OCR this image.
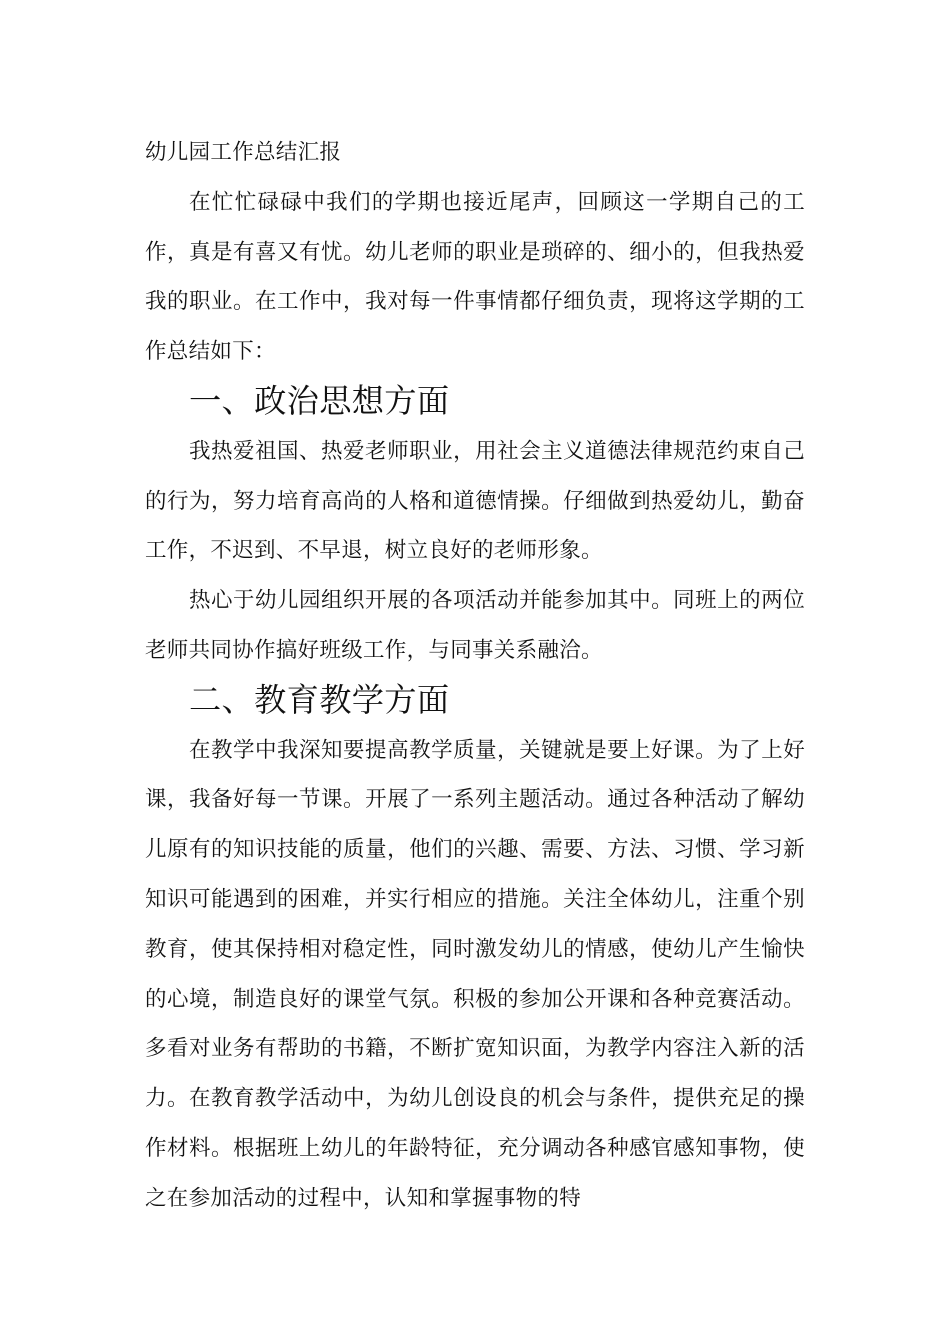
幼儿园工作总结汇报

在忙忙碌碌中我们的学期也接近尾声，回顾这一学期自己的工作，真是有喜又有忧。幼儿老师的职业是琐碎的、细小的，但我热爱我的职业。在工作中，我对每一件事情都仔细负责，现将这学期的工作总结如下：

一、政治思想方面

我热爱祖国、热爱老师职业，用社会主义道德法律规范约束自己的行为，努力培育高尚的人格和道德情操。仔细做到热爱幼儿，勤奋工作，不迟到、不早退，树立良好的老师形象。

热心于幼儿园组织开展的各项活动并能参加其中。同班上的两位老师共同协作搞好班级工作，与同事关系融洽。

二、教育教学方面

在教学中我深知要提高教学质量，关键就是要上好课。为了上好课，我备好每一节课。开展了一系列主题活动。通过各种活动了解幼儿原有的知识技能的质量，他们的兴趣、需要、方法、习惯、学习新知识可能遇到的困难，并实行相应的措施。关注全体幼儿，注重个别教育，使其保持相对稳定性，同时激发幼儿的情感，使幼儿产生愉快的心境，制造良好的课堂气氛。积极的参加公开课和各种竞赛活动。多看对业务有帮助的书籍，不断扩宽知识面，为教学内容注入新的活力。在教育教学活动中，为幼儿创设良的机会与条件，提供充足的操作材料。根据班上幼儿的年龄特征，充分调动各种感官感知事物，使之在参加活动的过程中，认知和掌握事物的特
